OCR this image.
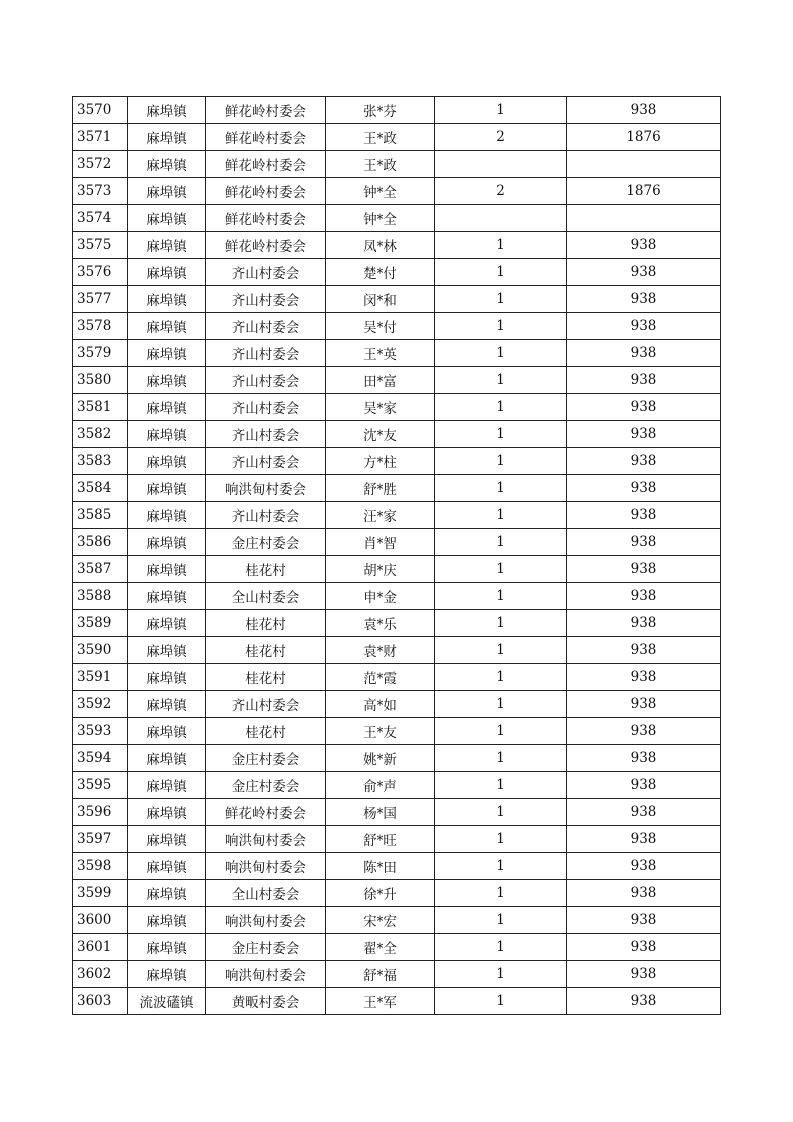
3570	麻埠镇	鲜花岭村委会	张*芬	1	938
3571	麻埠镇	鲜花岭村委会	王*政	2	1876
3572	麻埠镇	鲜花岭村委会	王*政		
3573	麻埠镇	鲜花岭村委会	钟*全	2	1876
3574	麻埠镇	鲜花岭村委会	钟*全		
3575	麻埠镇	鲜花岭村委会	凤*林	1	938
3576	麻埠镇	齐山村委会	楚*付	1	938
3577	麻埠镇	齐山村委会	闵*和	1	938
3578	麻埠镇	齐山村委会	吴*付	1	938
3579	麻埠镇	齐山村委会	王*英	1	938
3580	麻埠镇	齐山村委会	田*富	1	938
3581	麻埠镇	齐山村委会	吴*家	1	938
3582	麻埠镇	齐山村委会	沈*友	1	938
3583	麻埠镇	齐山村委会	方*柱	1	938
3584	麻埠镇	响洪甸村委会	舒*胜	1	938
3585	麻埠镇	齐山村委会	汪*家	1	938
3586	麻埠镇	金庄村委会	肖*智	1	938
3587	麻埠镇	桂花村	胡*庆	1	938
3588	麻埠镇	全山村委会	申*金	1	938
3589	麻埠镇	桂花村	袁*乐	1	938
3590	麻埠镇	桂花村	袁*财	1	938
3591	麻埠镇	桂花村	范*霞	1	938
3592	麻埠镇	齐山村委会	高*如	1	938
3593	麻埠镇	桂花村	王*友	1	938
3594	麻埠镇	金庄村委会	姚*新	1	938
3595	麻埠镇	金庄村委会	俞*声	1	938
3596	麻埠镇	鲜花岭村委会	杨*国	1	938
3597	麻埠镇	响洪甸村委会	舒*旺	1	938
3598	麻埠镇	响洪甸村委会	陈*田	1	938
3599	麻埠镇	全山村委会	徐*升	1	938
3600	麻埠镇	响洪甸村委会	宋*宏	1	938
3601	麻埠镇	金庄村委会	翟*全	1	938
3602	麻埠镇	响洪甸村委会	舒*福	1	938
3603	流波礚镇	黄畈村委会	王*军	1	938
